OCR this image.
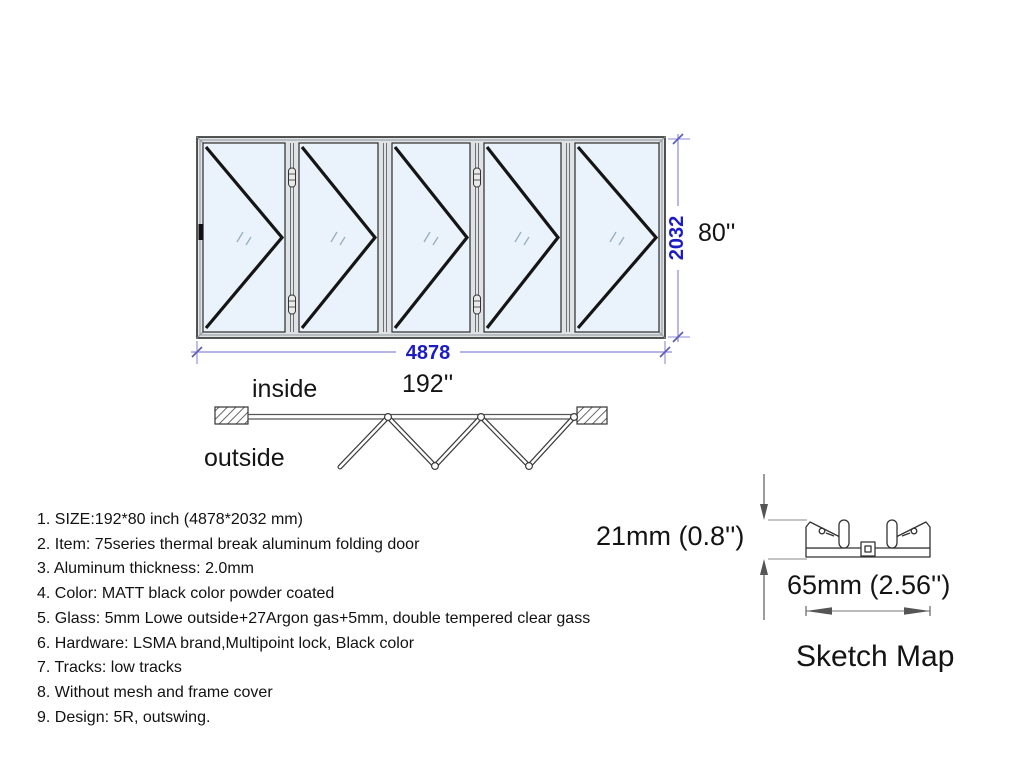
2032
4878
80''
192''
inside
outside
1. SIZE:192*80 inch (4878*2032 mm)
2. Item: 75series thermal break aluminum folding door
3. Aluminum thickness: 2.0mm
4. Color: MATT black color powder coated
5. Glass: 5mm Lowe outside+27Argon gas+5mm, double tempered clear gass
6. Hardware: LSMA brand,Multipoint lock, Black color
7. Tracks: low tracks
8. Without mesh and frame cover
9. Design: 5R, outswing.
21mm (0.8'')
65mm (2.56'')
Sketch Map
